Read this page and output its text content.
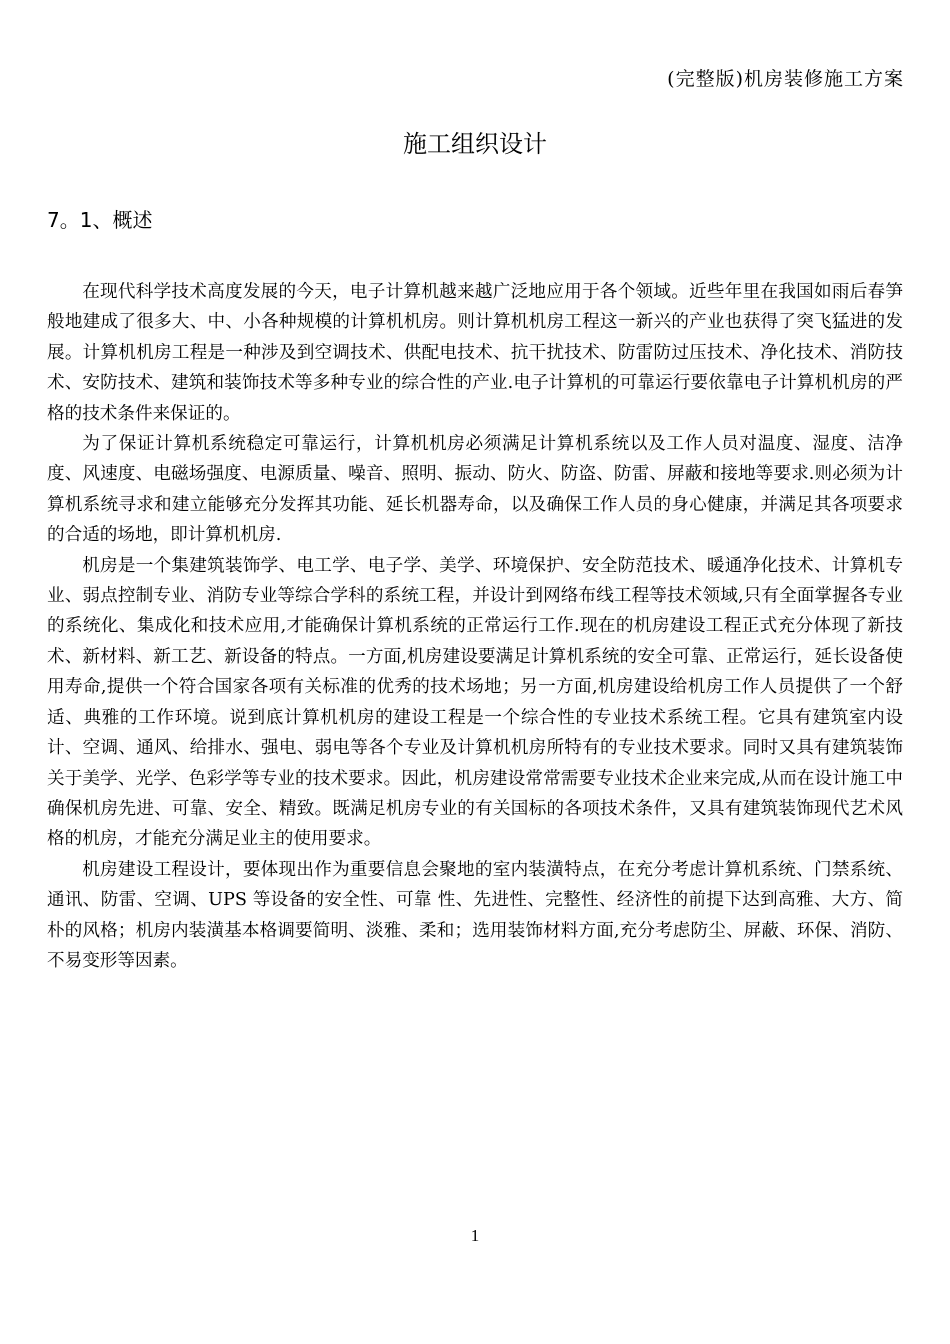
(完整版)机房装修施工方案
施工组织设计
7。1、概述

在现代科学技术高度发展的今天，电子计算机越来越广泛地应用于各个领域。近些年里在我国如雨后春笋般地建成了很多大、中、小各种规模的计算机机房。则计算机机房工程这一新兴的产业也获得了突飞猛进的发展。计算机机房工程是一种涉及到空调技术、供配电技术、抗干扰技术、防雷防过压技术、净化技术、消防技术、安防技术、建筑和装饰技术等多种专业的综合性的产业.电子计算机的可靠运行要依靠电子计算机机房的严格的技术条件来保证的。

为了保证计算机系统稳定可靠运行，计算机机房必须满足计算机系统以及工作人员对温度、湿度、洁净度、风速度、电磁场强度、电源质量、噪音、照明、振动、防火、防盗、防雷、屏蔽和接地等要求.则必须为计算机系统寻求和建立能够充分发挥其功能、延长机器寿命，以及确保工作人员的身心健康，并满足其各项要求的合适的场地，即计算机机房.

机房是一个集建筑装饰学、电工学、电子学、美学、环境保护、安全防范技术、暖通净化技术、计算机专业、弱点控制专业、消防专业等综合学科的系统工程，并设计到网络布线工程等技术领域,只有全面掌握各专业的系统化、集成化和技术应用,才能确保计算机系统的正常运行工作.现在的机房建设工程正式充分体现了新技术、新材料、新工艺、新设备的特点。一方面,机房建设要满足计算机系统的安全可靠、正常运行，延长设备使用寿命,提供一个符合国家各项有关标准的优秀的技术场地；另一方面,机房建设给机房工作人员提供了一个舒适、典雅的工作环境。说到底计算机机房的建设工程是一个综合性的专业技术系统工程。它具有建筑室内设计、空调、通风、给排水、强电、弱电等各个专业及计算机机房所特有的专业技术要求。同时又具有建筑装饰关于美学、光学、色彩学等专业的技术要求。因此，机房建设常常需要专业技术企业来完成,从而在设计施工中确保机房先进、可靠、安全、精致。既满足机房专业的有关国标的各项技术条件，又具有建筑装饰现代艺术风格的机房，才能充分满足业主的使用要求。

机房建设工程设计，要体现出作为重要信息会聚地的室内装潢特点，在充分考虑计算机系统、门禁系统、通讯、防雷、空调、UPS 等设备的安全性、可靠 性、先进性、完整性、经济性的前提下达到高雅、大方、简朴的风格；机房内装潢基本格调要简明、淡雅、柔和；选用装饰材料方面,充分考虑防尘、屏蔽、环保、消防、不易变形等因素。

1
